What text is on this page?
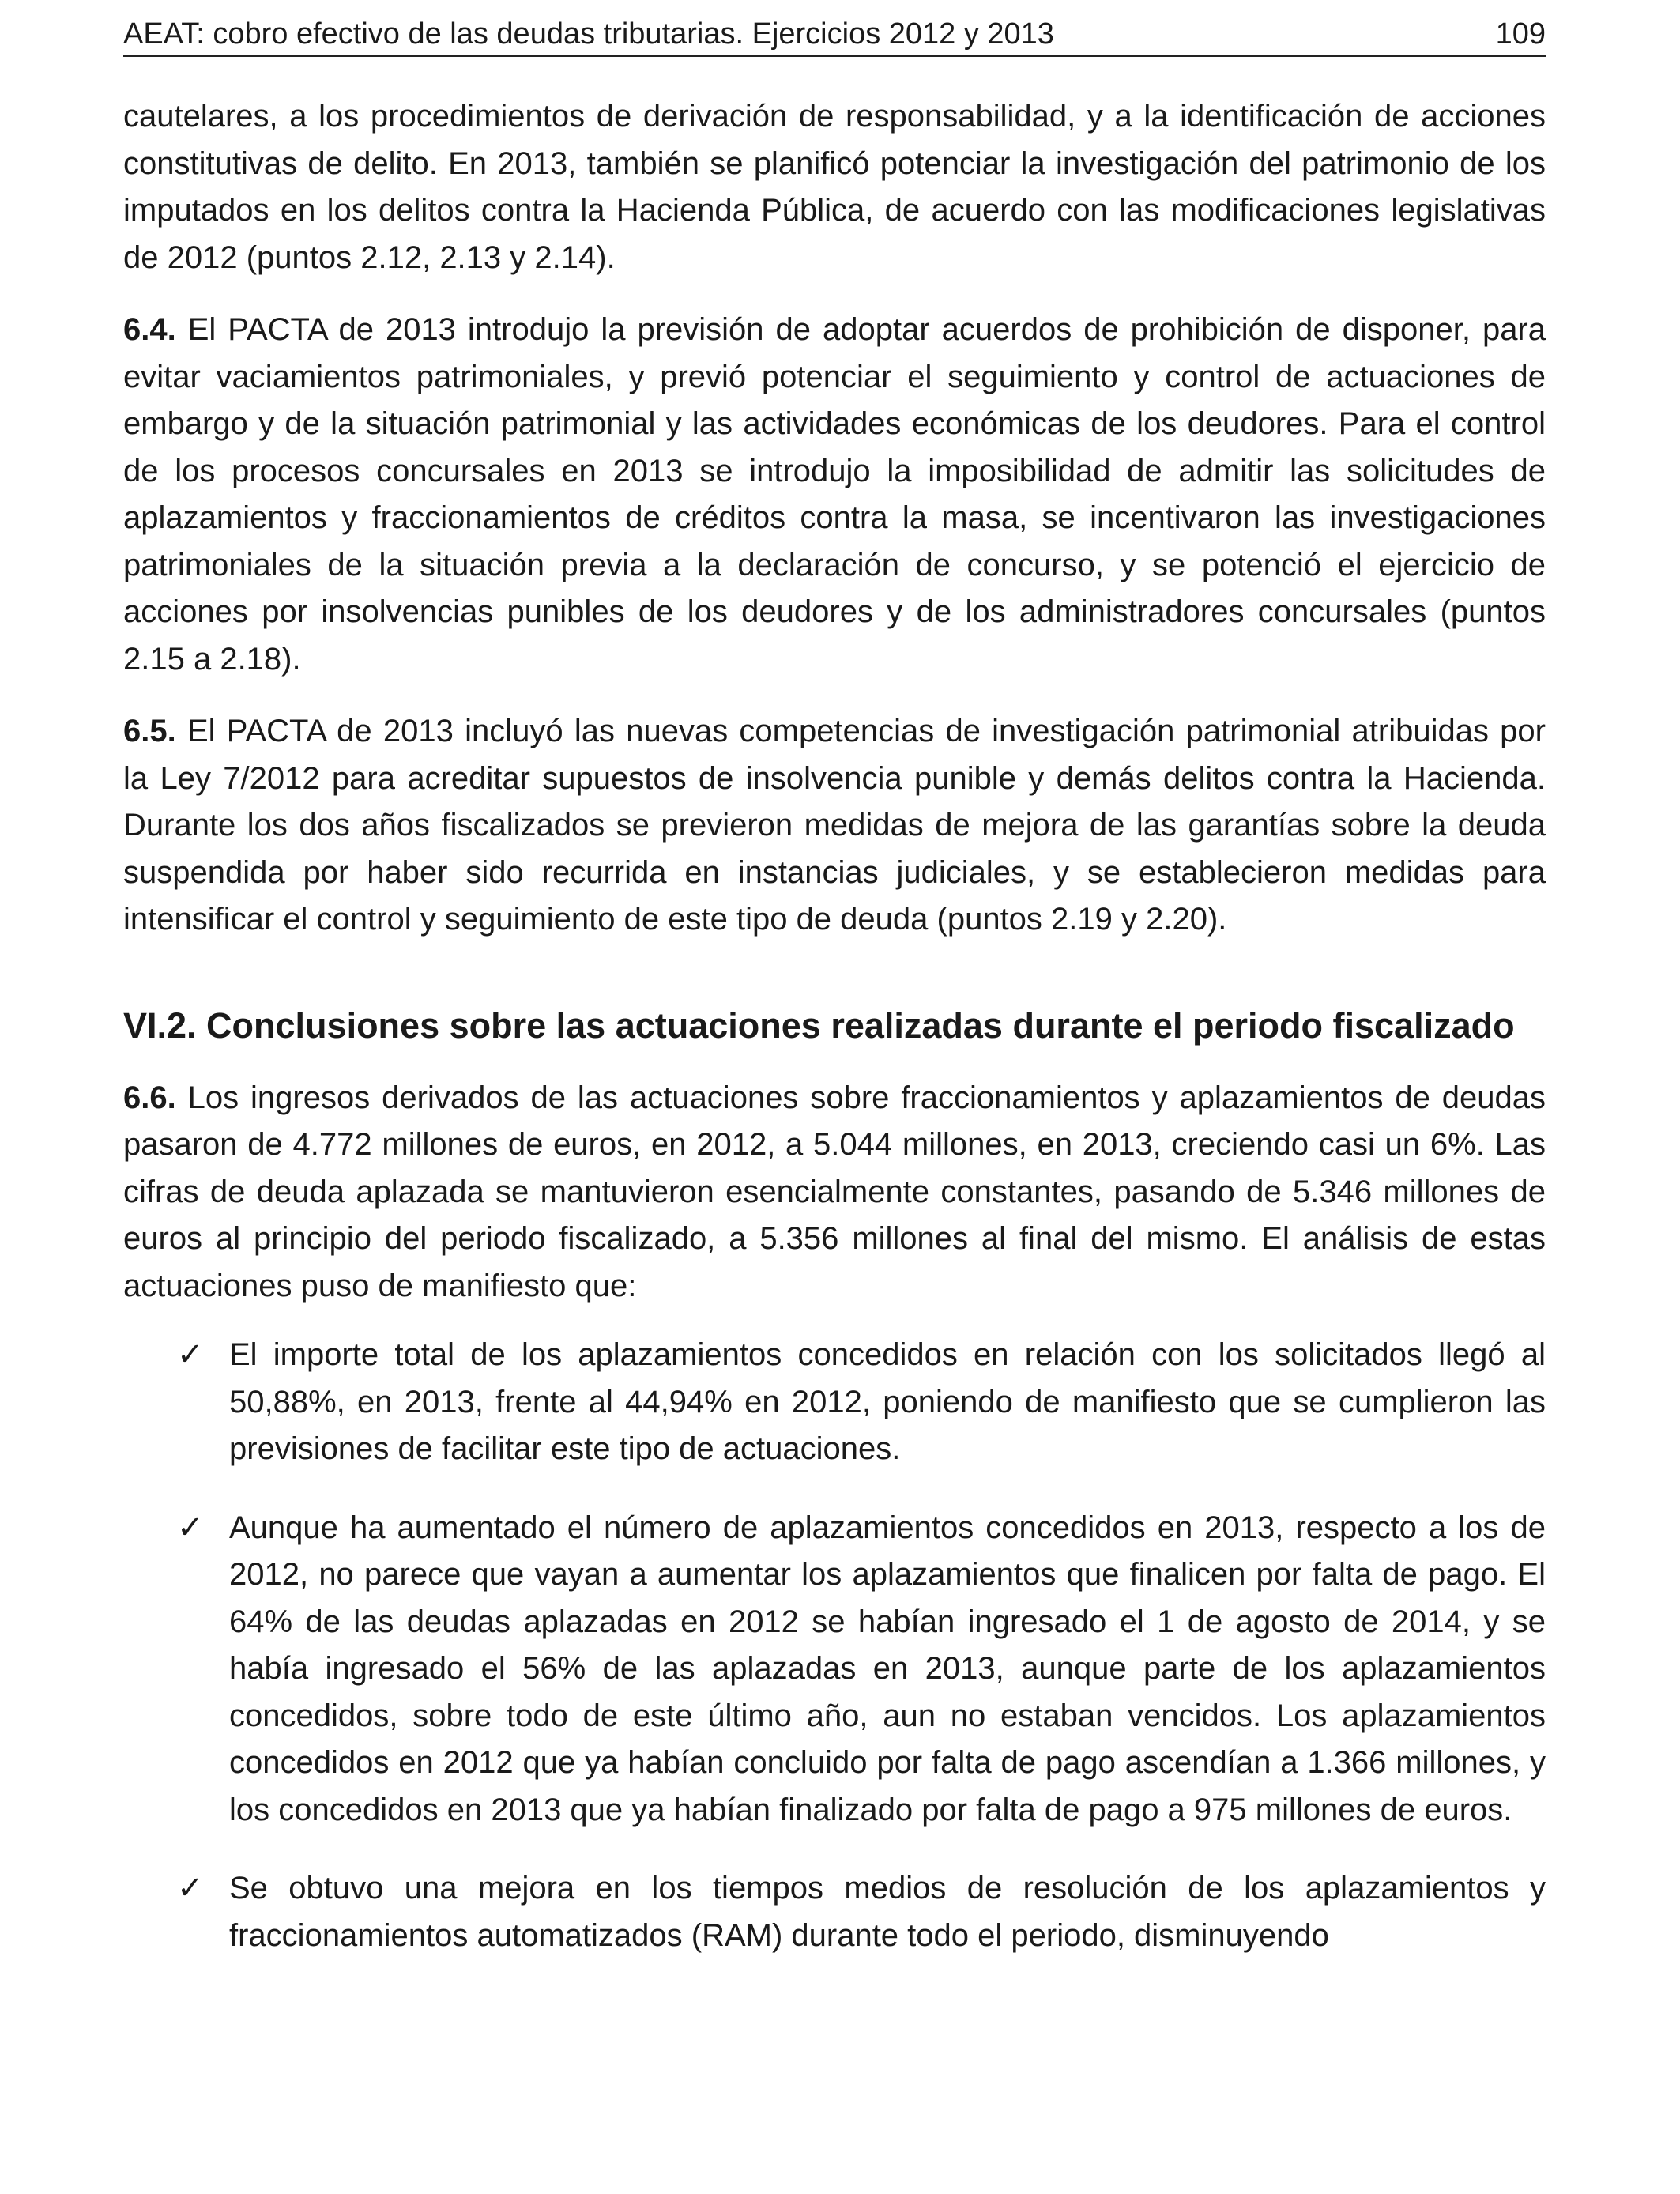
AEAT: cobro efectivo de las deudas tributarias. Ejercicios 2012 y 2013	109

cautelares, a los procedimientos de derivación de responsabilidad, y a la identificación de acciones constitutivas de delito. En 2013, también se planificó potenciar la investigación del patrimonio de los imputados en los delitos contra la Hacienda Pública, de acuerdo con las modificaciones legislativas de 2012 (puntos 2.12, 2.13 y 2.14).

6.4. El PACTA de 2013 introdujo la previsión de adoptar acuerdos de prohibición de disponer, para evitar vaciamientos patrimoniales, y previó potenciar el seguimiento y control de actuaciones de embargo y de la situación patrimonial y las actividades económicas de los deudores. Para el control de los procesos concursales en 2013 se introdujo la imposibilidad de admitir las solicitudes de aplazamientos y fraccionamientos de créditos contra la masa, se incentivaron las investigaciones patrimoniales de la situación previa a la declaración de concurso, y se potenció el ejercicio de acciones por insolvencias punibles de los deudores y de los administradores concursales (puntos 2.15 a 2.18).

6.5. El PACTA de 2013 incluyó las nuevas competencias de investigación patrimonial atribuidas por la Ley 7/2012 para acreditar supuestos de insolvencia punible y demás delitos contra la Hacienda. Durante los dos años fiscalizados se previeron medidas de mejora de las garantías sobre la deuda suspendida por haber sido recurrida en instancias judiciales, y se establecieron medidas para intensificar el control y seguimiento de este tipo de deuda (puntos 2.19 y 2.20).

VI.2. Conclusiones sobre las actuaciones realizadas durante el periodo fiscalizado

6.6. Los ingresos derivados de las actuaciones sobre fraccionamientos y aplazamientos de deudas pasaron de 4.772 millones de euros, en 2012, a 5.044 millones, en 2013, creciendo casi un 6%. Las cifras de deuda aplazada se mantuvieron esencialmente constantes, pasando de 5.346 millones de euros al principio del periodo fiscalizado, a 5.356 millones al final del mismo. El análisis de estas actuaciones puso de manifiesto que:

✓ El importe total de los aplazamientos concedidos en relación con los solicitados llegó al 50,88%, en 2013, frente al 44,94% en 2012, poniendo de manifiesto que se cumplieron las previsiones de facilitar este tipo de actuaciones.

✓ Aunque ha aumentado el número de aplazamientos concedidos en 2013, respecto a los de 2012, no parece que vayan a aumentar los aplazamientos que finalicen por falta de pago. El 64% de las deudas aplazadas en 2012 se habían ingresado el 1 de agosto de 2014, y se había ingresado el 56% de las aplazadas en 2013, aunque parte de los aplazamientos concedidos, sobre todo de este último año, aun no estaban vencidos. Los aplazamientos concedidos en 2012 que ya habían concluido por falta de pago ascendían a 1.366 millones, y los concedidos en 2013 que ya habían finalizado por falta de pago a 975 millones de euros.

✓ Se obtuvo una mejora en los tiempos medios de resolución de los aplazamientos y fraccionamientos automatizados (RAM) durante todo el periodo, disminuyendo
